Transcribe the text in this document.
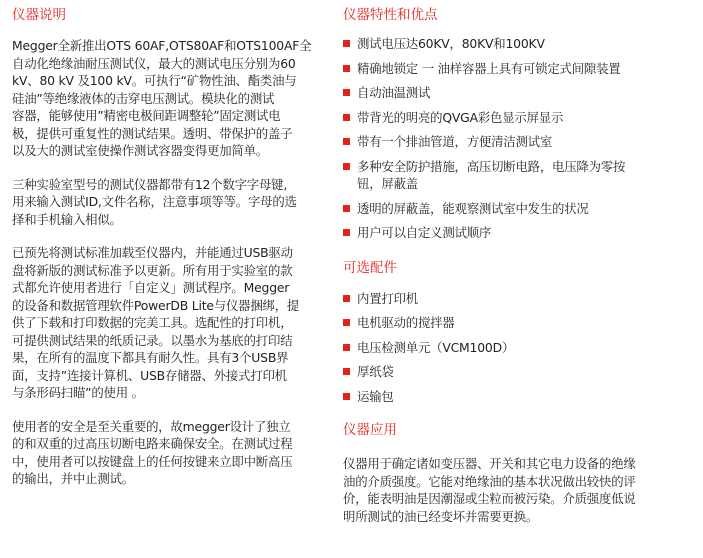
仪器说明

Megger全新推出OTS 60AF,OTS80AF和OTS100AF全
自动化绝缘油耐压测试仪，最大的测试电压分别为60
kV、80 kV 及100 kV。可执行“矿物性油、酯类油与
硅油”等绝缘液体的击穿电压测试。模块化的测试
容器，能够使用”精密电极间距调整轮”固定测试电
极，提供可重复性的测试结果。透明、带保护的盖子
以及大的测试室使操作测试容器变得更加简单。

三种实验室型号的测试仪器都带有12个数字字母键,
用来输入测试ID,文件名称，注意事项等等。字母的选
择和手机输入相似。

已预先将测试标准加载至仪器内，并能通过USB驱动
盘将新版的测试标准予以更新。所有用于实验室的款
式都允许使用者进行「自定义」测试程序。Megger
的设备和数据管理软件PowerDB Lite与仪器捆绑，提
供了下载和打印数据的完美工具。选配性的打印机，
可提供测试结果的纸质记录。以墨水为基底的打印结
果，在所有的温度下都具有耐久性。具有3个USB界
面，支持”连接计算机、USB存储器、外接式打印机
与条形码扫瞄”的使用 。

使用者的安全是至关重要的，故megger设计了独立
的和双重的过高压切断电路来确保安全。在测试过程
中，使用者可以按键盘上的任何按键来立即中断高压
的输出，并中止测试。

仪器特性和优点
测试电压达60KV，80KV和100KV
精确地锁定 一 油样容器上具有可锁定式间隙装置
自动油温测试
带背光的明亮的QVGA彩色显示屏显示
带有一个排油管道，方便清洁测试室
多种安全防护措施，高压切断电路，电压降为零按
钮，屏蔽盖
透明的屏蔽盖，能观察测试室中发生的状况
用户可以自定义测试顺序
可选配件
内置打印机
电机驱动的搅拌器
电压检测单元（VCM100D）
厚纸袋
运输包
仪器应用

仪器用于确定诸如变压器、开关和其它电力设备的绝缘
油的介质强度。它能对绝缘油的基本状况做出较快的评
价，能表明油是因潮湿或尘粒而被污染。介质强度低说
明所测试的油已经变坏并需要更换。
